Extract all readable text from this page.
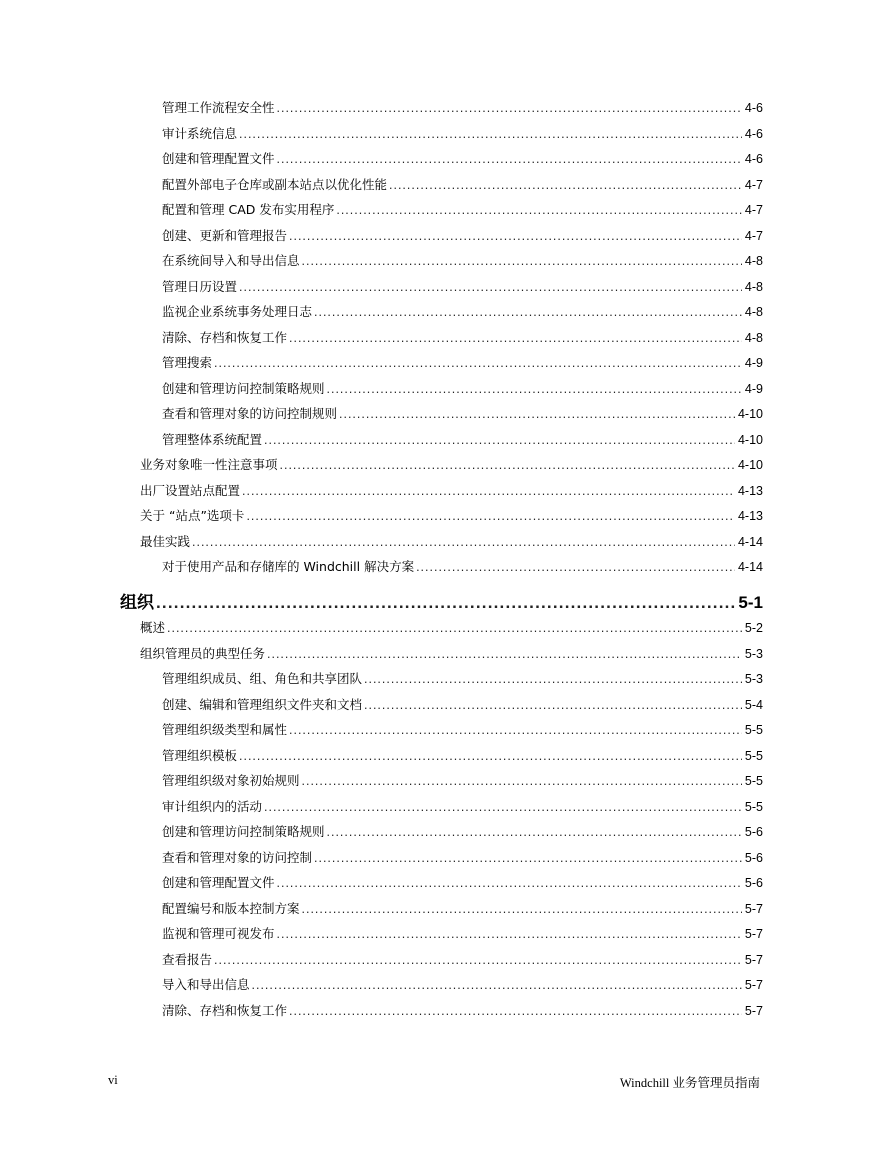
管理工作流程安全性 .....	4-6
审计系统信息 .....	4-6
创建和管理配置文件 .....	4-6
配置外部电子仓库或副本站点以优化性能 .....	4-7
配置和管理 CAD 发布实用程序 .....	4-7
创建、更新和管理报告 .....	4-7
在系统间导入和导出信息 .....	4-8
管理日历设置 .....	4-8
监视企业系统事务处理日志 .....	4-8
清除、存档和恢复工作 .....	4-8
管理搜索 .....	4-9
创建和管理访问控制策略规则 .....	4-9
查看和管理对象的访问控制规则 .....	4-10
管理整体系统配置 .....	4-10
业务对象唯一性注意事项 .....	4-10
出厂设置站点配置 .....	4-13
关于 “站点”选项卡 .....	4-13
最佳实践 .....	4-14
对于使用产品和存储库的 Windchill 解决方案 .....	4-14
组织 .....	5-1
概述 .....	5-2
组织管理员的典型任务 .....	5-3
管理组织成员、组、角色和共享团队 .....	5-3
创建、编辑和管理组织文件夹和文档 .....	5-4
管理组织级类型和属性 .....	5-5
管理组织模板 .....	5-5
管理组织级对象初始规则 .....	5-5
审计组织内的活动 .....	5-5
创建和管理访问控制策略规则 .....	5-6
查看和管理对象的访问控制 .....	5-6
创建和管理配置文件 .....	5-6
配置编号和版本控制方案 .....	5-7
监视和管理可视发布 .....	5-7
查看报告 .....	5-7
导入和导出信息 .....	5-7
清除、存档和恢复工作 .....	5-7
vi	Windchill 业务管理员指南
